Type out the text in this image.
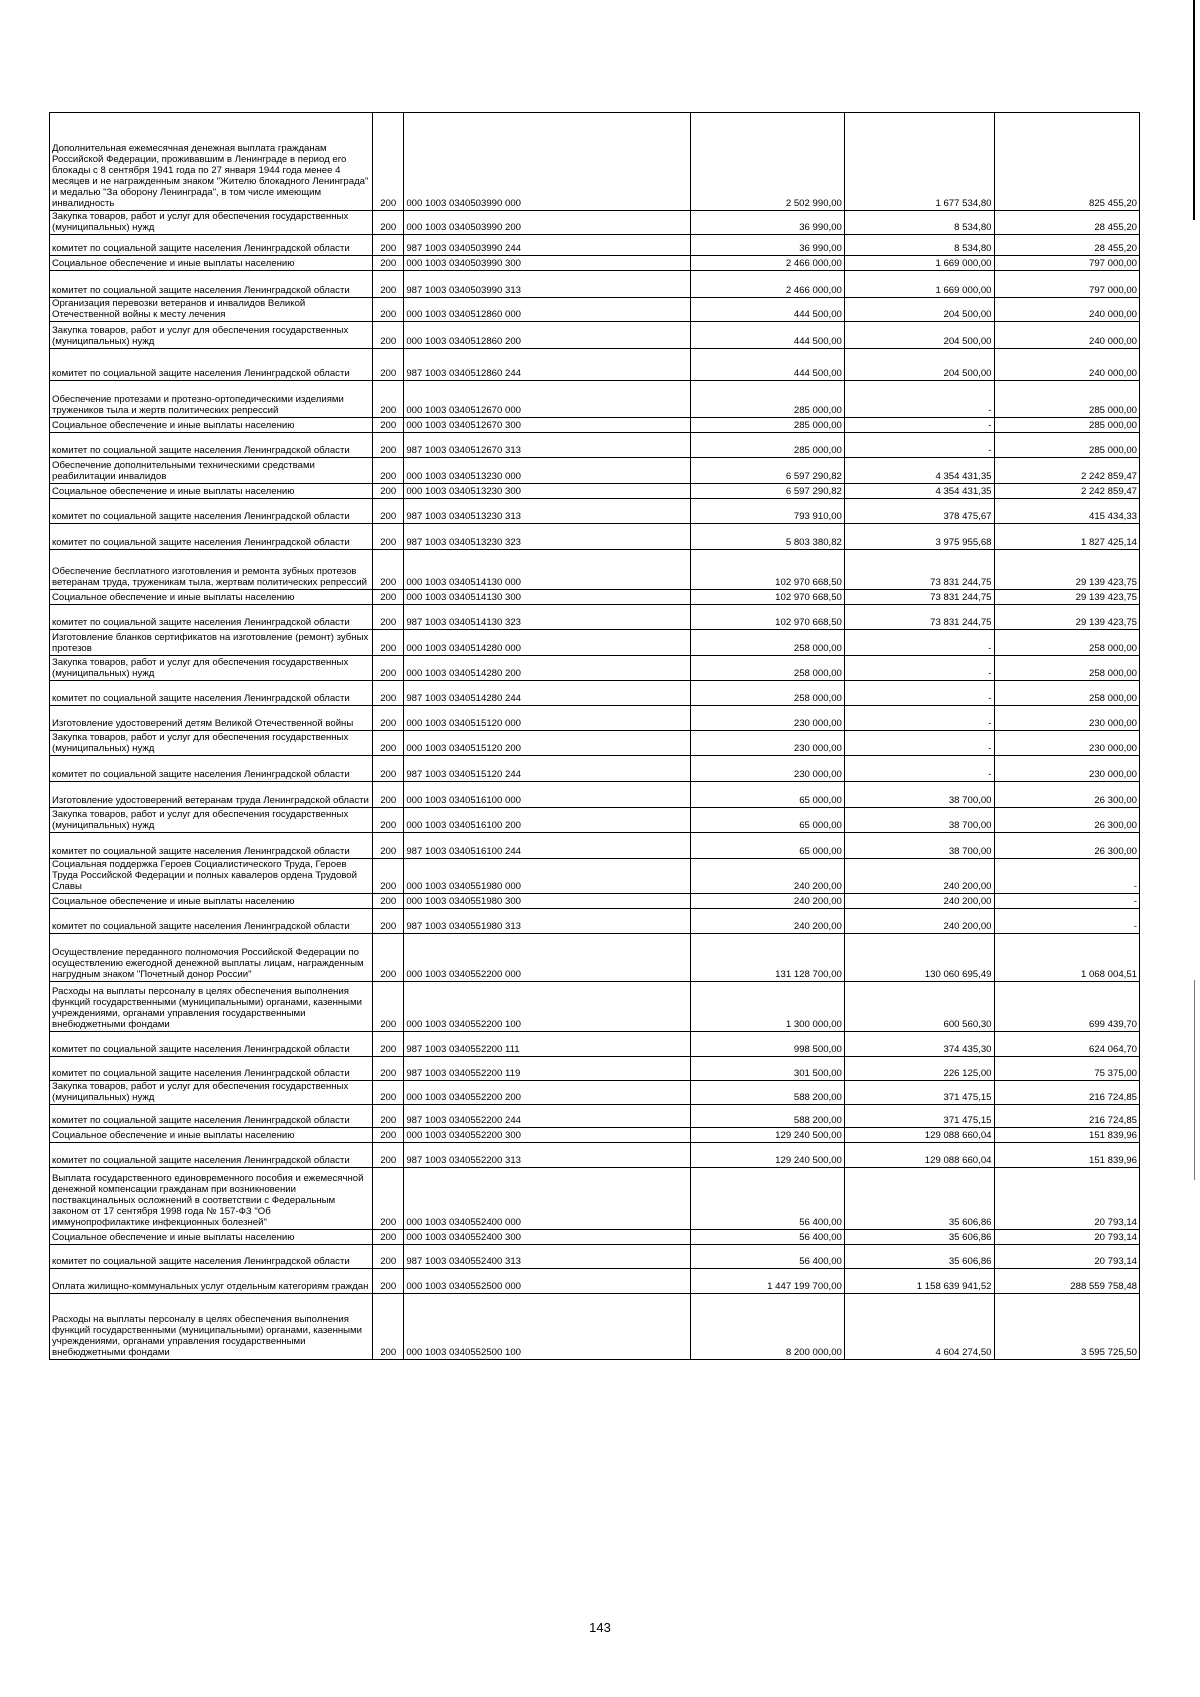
Дополнительная ежемесячная денежная выплата гражданам Российской Федерации, проживавшим в Ленинграде в период его блокады с 8 сентября 1941 года по 27 января 1944 года менее 4 месяцев и не награжденным знаком "Жителю блокадного Ленинграда" и медалью "За оборону Ленинграда", в том числе имеющим инвалидность	200	000 1003 0340503990 000	2 502 990,00	1 677 534,80	825 455,20
Закупка товаров, работ и услуг для обеспечения государственных (муниципальных) нужд	200	000 1003 0340503990 200	36 990,00	8 534,80	28 455,20
комитет по социальной защите населения Ленинградской области	200	987 1003 0340503990 244	36 990,00	8 534,80	28 455,20
Социальное обеспечение и иные выплаты населению	200	000 1003 0340503990 300	2 466 000,00	1 669 000,00	797 000,00
комитет по социальной защите населения Ленинградской области	200	987 1003 0340503990 313	2 466 000,00	1 669 000,00	797 000,00
Организация перевозки ветеранов и инвалидов Великой Отечественной войны к месту лечения	200	000 1003 0340512860 000	444 500,00	204 500,00	240 000,00
Закупка товаров, работ и услуг для обеспечения государственных (муниципальных) нужд	200	000 1003 0340512860 200	444 500,00	204 500,00	240 000,00
комитет по социальной защите населения Ленинградской области	200	987 1003 0340512860 244	444 500,00	204 500,00	240 000,00
Обеспечение протезами и протезно-ортопедическими изделиями тружеников тыла и жертв политических репрессий	200	000 1003 0340512670 000	285 000,00	-	285 000,00
Социальное обеспечение и иные выплаты населению	200	000 1003 0340512670 300	285 000,00	-	285 000,00
комитет по социальной защите населения Ленинградской области	200	987 1003 0340512670 313	285 000,00	-	285 000,00
Обеспечение дополнительными техническими средствами реабилитации инвалидов	200	000 1003 0340513230 000	6 597 290,82	4 354 431,35	2 242 859,47
Социальное обеспечение и иные выплаты населению	200	000 1003 0340513230 300	6 597 290,82	4 354 431,35	2 242 859,47
комитет по социальной защите населения Ленинградской области	200	987 1003 0340513230 313	793 910,00	378 475,67	415 434,33
комитет по социальной защите населения Ленинградской области	200	987 1003 0340513230 323	5 803 380,82	3 975 955,68	1 827 425,14
Обеспечение бесплатного изготовления и ремонта зубных протезов ветеранам труда, труженикам тыла, жертвам политических репрессий	200	000 1003 0340514130 000	102 970 668,50	73 831 244,75	29 139 423,75
Социальное обеспечение и иные выплаты населению	200	000 1003 0340514130 300	102 970 668,50	73 831 244,75	29 139 423,75
комитет по социальной защите населения Ленинградской области	200	987 1003 0340514130 323	102 970 668,50	73 831 244,75	29 139 423,75
Изготовление бланков сертификатов на изготовление (ремонт) зубных протезов	200	000 1003 0340514280 000	258 000,00	-	258 000,00
Закупка товаров, работ и услуг для обеспечения государственных (муниципальных) нужд	200	000 1003 0340514280 200	258 000,00	-	258 000,00
комитет по социальной защите населения Ленинградской области	200	987 1003 0340514280 244	258 000,00	-	258 000,00
Изготовление удостоверений детям Великой Отечественной войны	200	000 1003 0340515120 000	230 000,00	-	230 000,00
Закупка товаров, работ и услуг для обеспечения государственных (муниципальных) нужд	200	000 1003 0340515120 200	230 000,00	-	230 000,00
комитет по социальной защите населения Ленинградской области	200	987 1003 0340515120 244	230 000,00	-	230 000,00
Изготовление удостоверений ветеранам труда Ленинградской области	200	000 1003 0340516100 000	65 000,00	38 700,00	26 300,00
Закупка товаров, работ и услуг для обеспечения государственных (муниципальных) нужд	200	000 1003 0340516100 200	65 000,00	38 700,00	26 300,00
комитет по социальной защите населения Ленинградской области	200	987 1003 0340516100 244	65 000,00	38 700,00	26 300,00
Социальная поддержка Героев Социалистического Труда, Героев Труда Российской Федерации и полных кавалеров ордена Трудовой Славы	200	000 1003 0340551980 000	240 200,00	240 200,00	-
Социальное обеспечение и иные выплаты населению	200	000 1003 0340551980 300	240 200,00	240 200,00	-
комитет по социальной защите населения Ленинградской области	200	987 1003 0340551980 313	240 200,00	240 200,00	-
Осуществление переданного полномочия Российской Федерации по осуществлению ежегодной денежной выплаты лицам, награжденным нагрудным знаком "Почетный донор России"	200	000 1003 0340552200 000	131 128 700,00	130 060 695,49	1 068 004,51
Расходы на выплаты персоналу в целях обеспечения выполнения функций государственными (муниципальными) органами, казенными учреждениями, органами управления государственными внебюджетными фондами	200	000 1003 0340552200 100	1 300 000,00	600 560,30	699 439,70
комитет по социальной защите населения Ленинградской области	200	987 1003 0340552200 111	998 500,00	374 435,30	624 064,70
комитет по социальной защите населения Ленинградской области	200	987 1003 0340552200 119	301 500,00	226 125,00	75 375,00
Закупка товаров, работ и услуг для обеспечения государственных (муниципальных) нужд	200	000 1003 0340552200 200	588 200,00	371 475,15	216 724,85
комитет по социальной защите населения Ленинградской области	200	987 1003 0340552200 244	588 200,00	371 475,15	216 724,85
Социальное обеспечение и иные выплаты населению	200	000 1003 0340552200 300	129 240 500,00	129 088 660,04	151 839,96
комитет по социальной защите населения Ленинградской области	200	987 1003 0340552200 313	129 240 500,00	129 088 660,04	151 839,96
Выплата государственного единовременного пособия и ежемесячной денежной компенсации гражданам при возникновении поствакцинальных осложнений в соответствии с Федеральным законом от 17 сентября 1998 года № 157-ФЗ "Об иммунопрофилактике инфекционных болезней"	200	000 1003 0340552400 000	56 400,00	35 606,86	20 793,14
Социальное обеспечение и иные выплаты населению	200	000 1003 0340552400 300	56 400,00	35 606,86	20 793,14
комитет по социальной защите населения Ленинградской области	200	987 1003 0340552400 313	56 400,00	35 606,86	20 793,14
Оплата жилищно-коммунальных услуг отдельным категориям граждан	200	000 1003 0340552500 000	1 447 199 700,00	1 158 639 941,52	288 559 758,48
Расходы на выплаты персоналу в целях обеспечения выполнения функций государственными (муниципальными) органами, казенными учреждениями, органами управления государственными внебюджетными фондами	200	000 1003 0340552500 100	8 200 000,00	4 604 274,50	3 595 725,50
143
